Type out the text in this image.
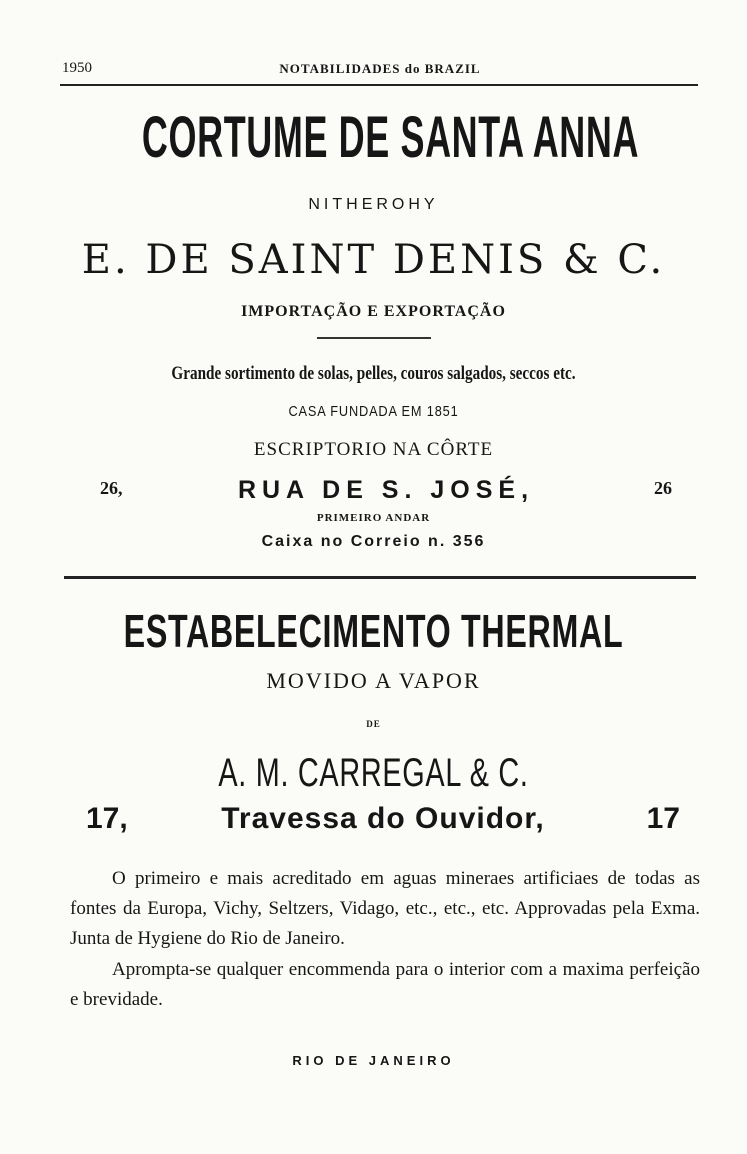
1950	NOTABILIDADES do BRAZIL
CORTUME DE SANTA ANNA
NITHEROHY
E. DE SAINT DENIS & C.
IMPORTAÇÃO E EXPORTAÇÃO
Grande sortimento de solas, pelles, couros salgados, seccos etc.
CASA FUNDADA EM 1851
ESCRIPTORIO NA CÔRTE
26,	RUA DE S. JOSÉ,	26
PRIMEIRO ANDAR
Caixa no Correio n. 356
ESTABELECIMENTO THERMAL
MOVIDO A VAPOR
DE
A. M. CARREGAL & C.
17,	Travessa do Ouvidor,	17

O primeiro e mais acreditado em aguas mineraes artificiaes de todas as fontes da Europa, Vichy, Seltzers, Vidago, etc., etc., etc. Approvadas pela Exma. Junta de Hygiene do Rio de Janeiro.

Aprompta-se qualquer encommenda para o interior com a maxima perfeição e brevidade.

RIO DE JANEIRO
